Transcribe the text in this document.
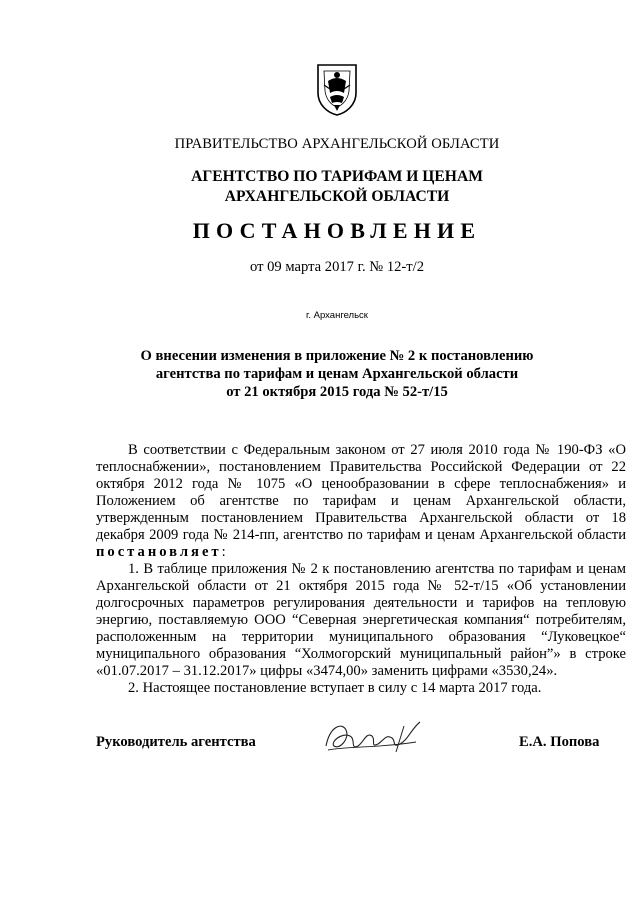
ПРАВИТЕЛЬСТВО АРХАНГЕЛЬСКОЙ ОБЛАСТИ
АГЕНТСТВО ПО ТАРИФАМ И ЦЕНАМ
АРХАНГЕЛЬСКОЙ ОБЛАСТИ
ПОСТАНОВЛЕНИЕ
от 09 марта 2017 г. № 12-т/2
г. Архангельск
О внесении изменения в приложение № 2 к постановлению
агентства по тарифам и ценам Архангельской области
от 21 октября 2015 года № 52-т/15

В соответствии с Федеральным законом от 27 июля 2010 года № 190-ФЗ «О теплоснабжении», постановлением Правительства Российской Федерации от 22 октября 2012 года № 1075 «О ценообразовании в сфере теплоснабжения» и Положением об агентстве по тарифам и ценам Архангельской области, утвержденным постановлением Правительства Архангельской области от 18 декабря 2009 года № 214-пп, агентство по тарифам и ценам Архангельской области постановляет:

1. В таблице приложения № 2 к постановлению агентства по тарифам и ценам Архангельской области от 21 октября 2015 года № 52-т/15 «Об установлении долгосрочных параметров регулирования деятельности и тарифов на тепловую энергию, поставляемую ООО “Северная энергетическая компания“ потребителям, расположенным на территории муниципального образования “Луковецкое“ муниципального образования “Холмогорский муниципальный район”» в строке «01.07.2017 – 31.12.2017» цифры «3474,00» заменить цифрами «3530,24».

2. Настоящее постановление вступает в силу с 14 марта 2017 года.

Руководитель агентства	Е.А. Попова
